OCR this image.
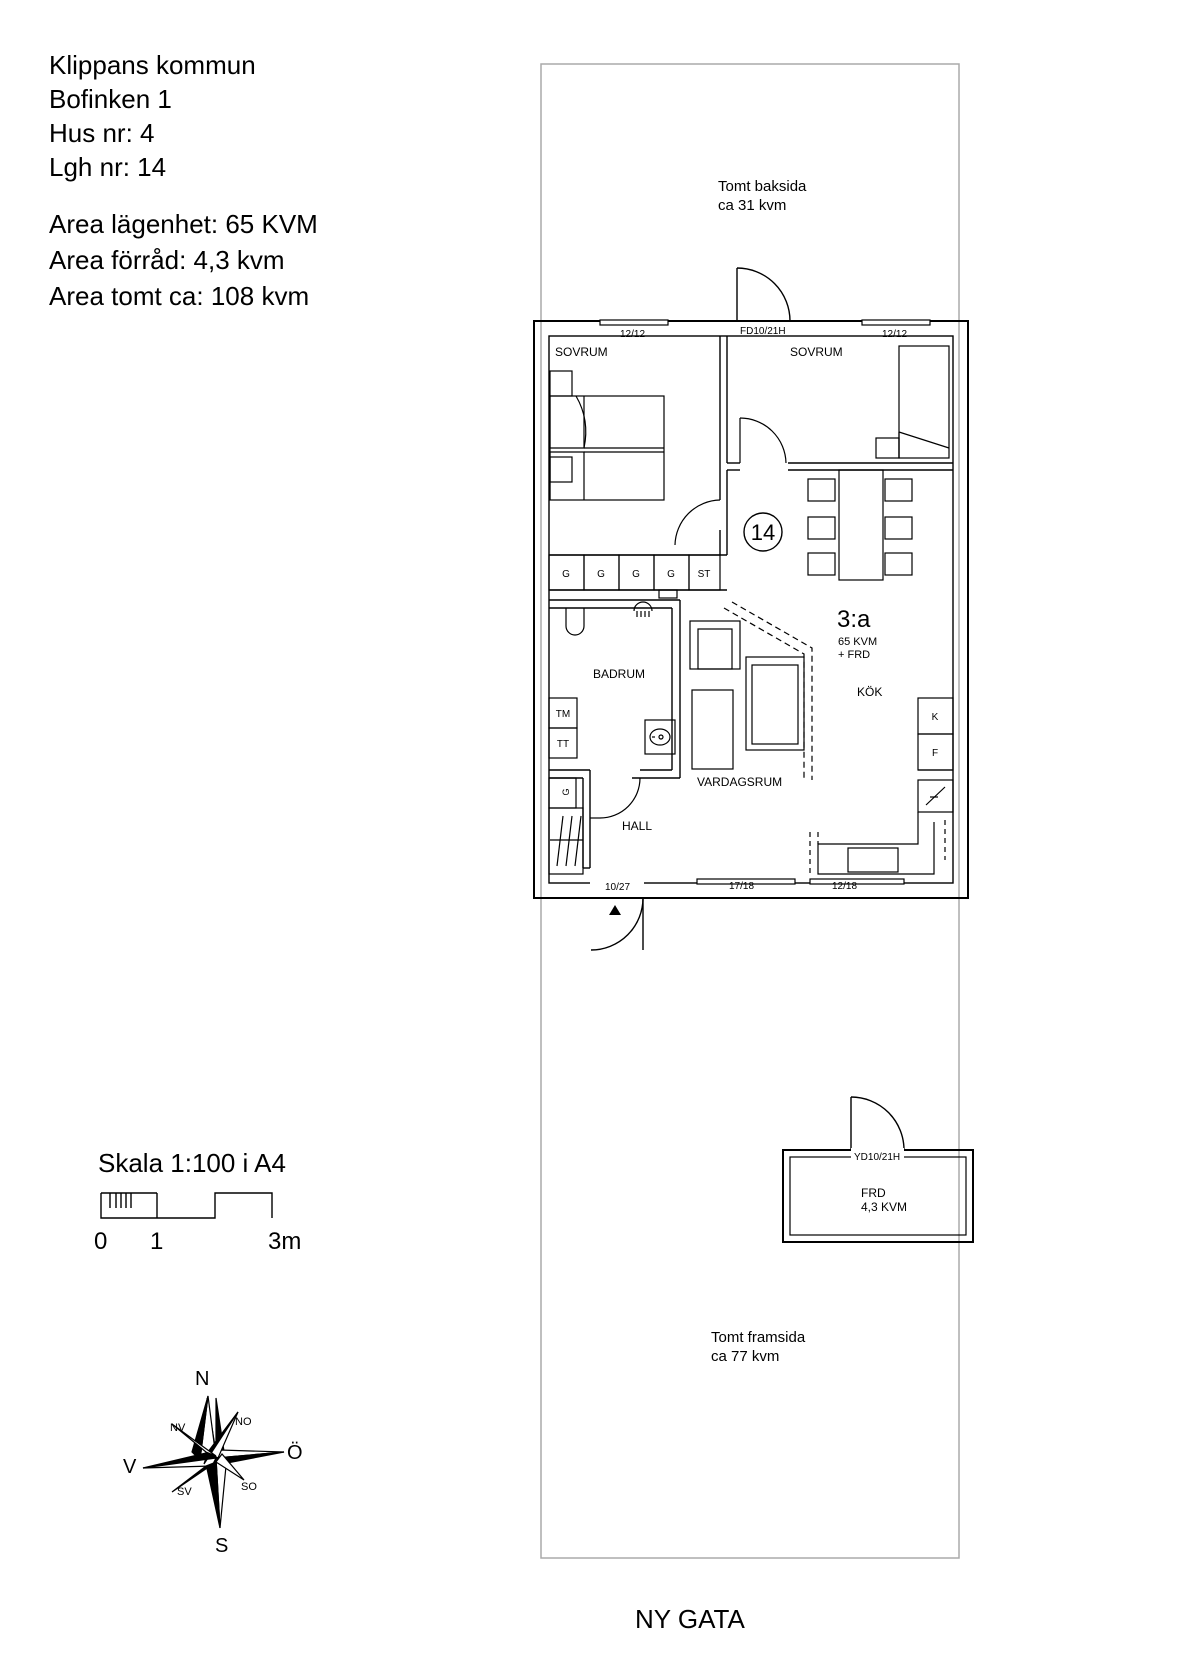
Klippans kommun
Bofinken 1
Hus nr: 4
Lgh nr: 14
Area lägenhet: 65 KVM
Area förråd: 4,3 kvm
Area tomt ca: 108 kvm
Tomt baksida
ca 31 kvm
Tomt framsida
ca 77 kvm
NY GATA
12/12	12/12
FD10/21H
17/18	12/18
10/27
SOVRUM	SOVRUM
BADRUM
KÖK
VARDAGSRUM
HALL
14
3:a
65 KVM
+ FRD
G	G	G	G ST
TM
TT
G
K
F
YD10/21H
FRD
4,3 KVM
Skala 1:100 i A4
0 1	3m
N
S
V
Ö
NV	NO
SV	SO
